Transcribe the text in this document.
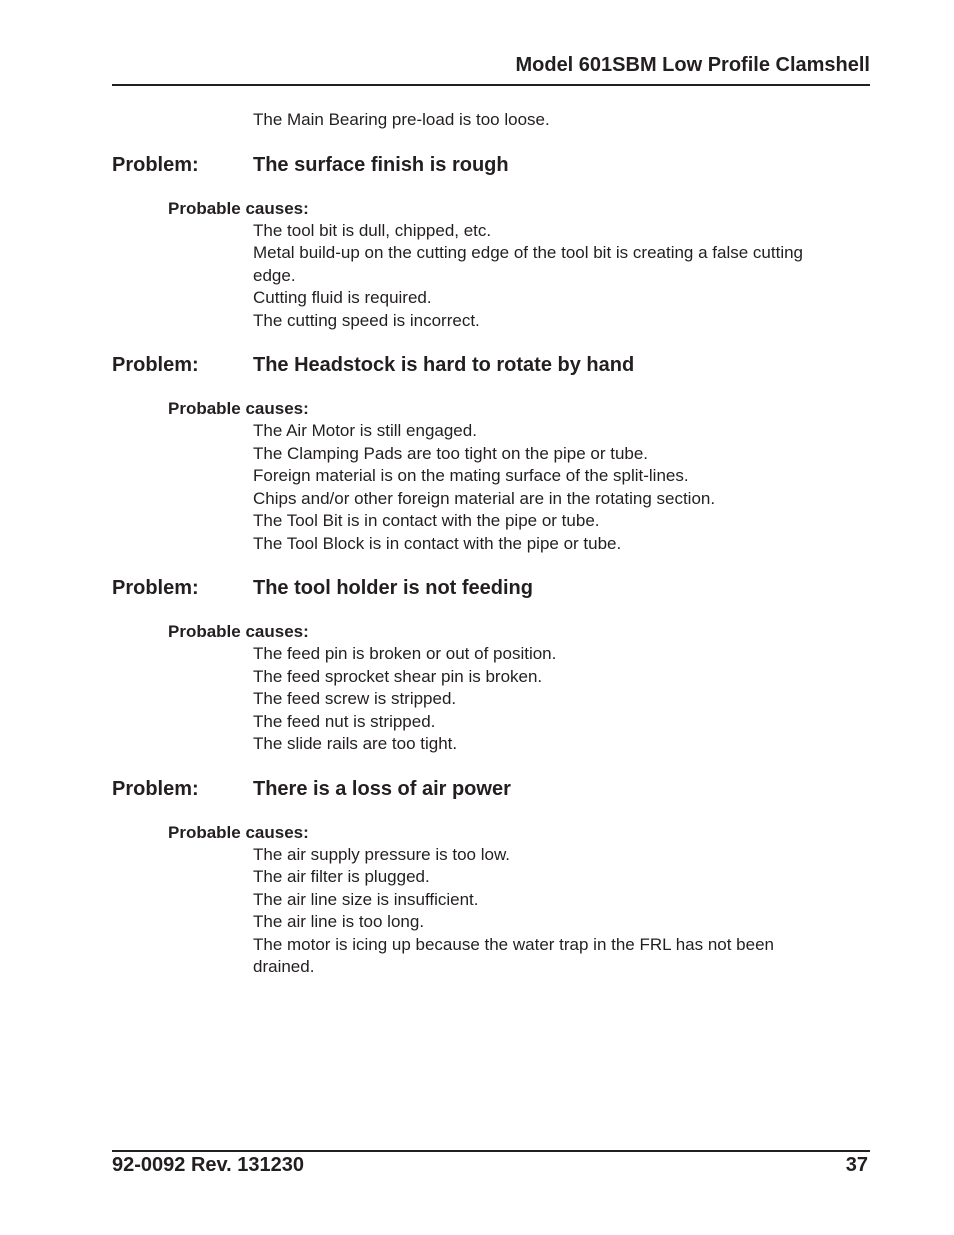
Model 601SBM Low Profile Clamshell

The Main Bearing pre-load is too loose.

Problem:	The surface finish is rough
Probable causes:

The tool bit is dull, chipped, etc.

Metal build-up on the cutting edge of the tool bit is creating a false cutting

edge.

Cutting fluid is required.

The cutting speed is incorrect.

Problem:	The Headstock is hard to rotate by hand
Probable causes:

The Air Motor is still engaged.

The Clamping Pads are too tight on the pipe or tube.

Foreign material is on the mating surface of the split-lines.

Chips and/or other foreign material are in the rotating section.

The Tool Bit is in contact with the pipe or tube.

The Tool Block is in contact with the pipe or tube.

Problem:	The tool holder is not feeding
Probable causes:

The feed pin is broken or out of position.

The feed sprocket shear pin is broken.

The feed screw is stripped.

The feed nut is stripped.

The slide rails are too tight.

Problem:	There is a loss of air power
Probable causes:

The air supply pressure is too low.

The air filter is plugged.

The air line size is insufficient.

The air line is too long.

The motor is icing up because the water trap in the FRL has not been

drained.

92-0092 Rev. 131230	37
